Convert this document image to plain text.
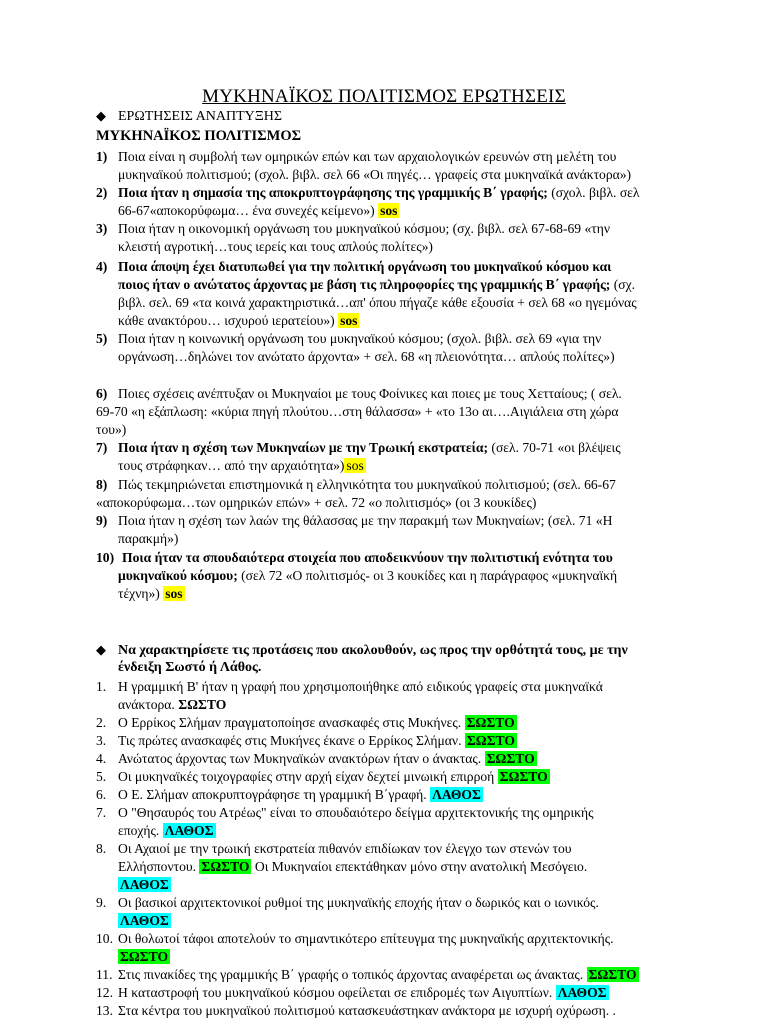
ΜΥΚΗΝΑΪΚΟΣ ΠΟΛΙΤΙΣΜΟΣ ΕΡΩΤΗΣΕΙΣ
◆ ΕΡΩΤΗΣΕΙΣ ΑΝΑΠΤΥΞΗΣ
ΜΥΚΗΝΑΪΚΟΣ ΠΟΛΙΤΙΣΜΟΣ
1) Ποια είναι η συμβολή των ομηρικών επών και των αρχαιολογικών ερευνών στη μελέτη του
μυκηναϊκού πολιτισμού; (σχολ. βιβλ. σελ 66 «Οι πηγές… γραφείς στα μυκηναϊκά ανάκτορα»)
2) Ποια ήταν η σημασία της αποκρυπτογράφησης της γραμμικής Β΄ γραφής; (σχολ. βιβλ. σελ
66-67«αποκορύφωμα… ένα συνεχές κείμενο») sos
3) Ποια ήταν η οικονομική οργάνωση του μυκηναϊκού κόσμου; (σχ. βιβλ. σελ 67-68-69 «την
κλειστή αγροτική…τους ιερείς και τους απλούς πολίτες»)
4) Ποια άποψη έχει διατυπωθεί για την πολιτική οργάνωση του μυκηναϊκού κόσμου και
ποιος ήταν ο ανώτατος άρχοντας με βάση τις πληροφορίες της γραμμικής Β΄ γραφής; (σχ.
βιβλ. σελ. 69 «τα κοινά χαρακτηριστικά…απ' όπου πήγαζε κάθε εξουσία + σελ 68 «ο ηγεμόνας
κάθε ανακτόρου… ισχυρού ιερατείου») sos
5) Ποια ήταν η κοινωνική οργάνωση του μυκηναϊκού κόσμου; (σχολ. βιβλ. σελ 69 «για την
οργάνωση…δηλώνει τον ανώτατο άρχοντα» + σελ. 68 «η πλειονότητα… απλούς πολίτες»)
6) Ποιες σχέσεις ανέπτυξαν οι Μυκηναίοι με τους Φοίνικες και ποιες με τους Χετταίους; ( σελ.
69-70 «η εξάπλωση: «κύρια πηγή πλούτου…στη θάλασσα» + «το 13ο αι….Αιγιάλεια στη χώρα
του»)
7) Ποια ήταν η σχέση των Μυκηναίων με την Τρωική εκστρατεία; (σελ. 70-71 «οι βλέψεις
τους στράφηκαν… από την αρχαιότητα») sos
8) Πώς τεκμηριώνεται επιστημονικά η ελληνικότητα του μυκηναϊκού πολιτισμού; (σελ. 66-67
«αποκορύφωμα…των ομηρικών επών» + σελ. 72 «ο πολιτισμός» (οι 3 κουκίδες)
9) Ποια ήταν η σχέση των λαών της θάλασσας με την παρακμή των Μυκηναίων; (σελ. 71 «Η
παρακμή»)
10) Ποια ήταν τα σπουδαιότερα στοιχεία που αποδεικνύουν την πολιτιστική ενότητα του
μυκηναϊκού κόσμου; (σελ 72 «Ο πολιτισμός- οι 3 κουκίδες και η παράγραφος «μυκηναϊκή
τέχνη») sos
◆ Να χαρακτηρίσετε τις προτάσεις που ακολουθούν, ως προς την ορθότητά τους, με την
ένδειξη Σωστό ή Λάθος.
1. Η γραμμική Β' ήταν η γραφή που χρησιμοποιήθηκε από ειδικούς γραφείς στα μυκηναϊκά
ανάκτορα. ΣΩΣΤΟ
2. Ο Ερρίκος Σλήμαν πραγματοποίησε ανασκαφές στις Μυκήνες. ΣΩΣΤΟ
3. Τις πρώτες ανασκαφές στις Μυκήνες έκανε ο Ερρίκος Σλήμαν. ΣΩΣΤΟ
4. Ανώτατος άρχοντας των Μυκηναϊκών ανακτόρων ήταν ο άνακτας. ΣΩΣΤΟ
5. Οι μυκηναϊκές τοιχογραφίες στην αρχή είχαν δεχτεί μινωική επιρροή ΣΩΣΤΟ
6. Ο Ε. Σλήμαν αποκρυπτογράφησε τη γραμμική Β΄γραφή. ΛΑΘΟΣ
7. Ο "Θησαυρός του Ατρέως" είναι το σπουδαιότερο δείγμα αρχιτεκτονικής της ομηρικής
εποχής. ΛΑΘΟΣ
8. Οι Αχαιοί με την τρωική εκστρατεία πιθανόν επιδίωκαν τον έλεγχο των στενών του
Ελλήσποντου. ΣΩΣΤΟ Οι Μυκηναίοι επεκτάθηκαν μόνο στην ανατολική Μεσόγειο.
ΛΑΘΟΣ
9. Οι βασικοί αρχιτεκτονικοί ρυθμοί της μυκηναϊκής εποχής ήταν ο δωρικός και ο ιωνικός.
ΛΑΘΟΣ
10. Οι θολωτοί τάφοι αποτελούν το σημαντικότερο επίτευγμα της μυκηναϊκής αρχιτεκτονικής.
ΣΩΣΤΟ
11. Στις πινακίδες της γραμμικής Β΄ γραφής ο τοπικός άρχοντας αναφέρεται ως άνακτας. ΣΩΣΤΟ
12. Η καταστροφή του μυκηναϊκού κόσμου οφείλεται σε επιδρομές των Αιγυπτίων. ΛΑΘΟΣ
13. Στα κέντρα του μυκηναϊκού πολιτισμού κατασκευάστηκαν ανάκτορα με ισχυρή οχύρωση. .
